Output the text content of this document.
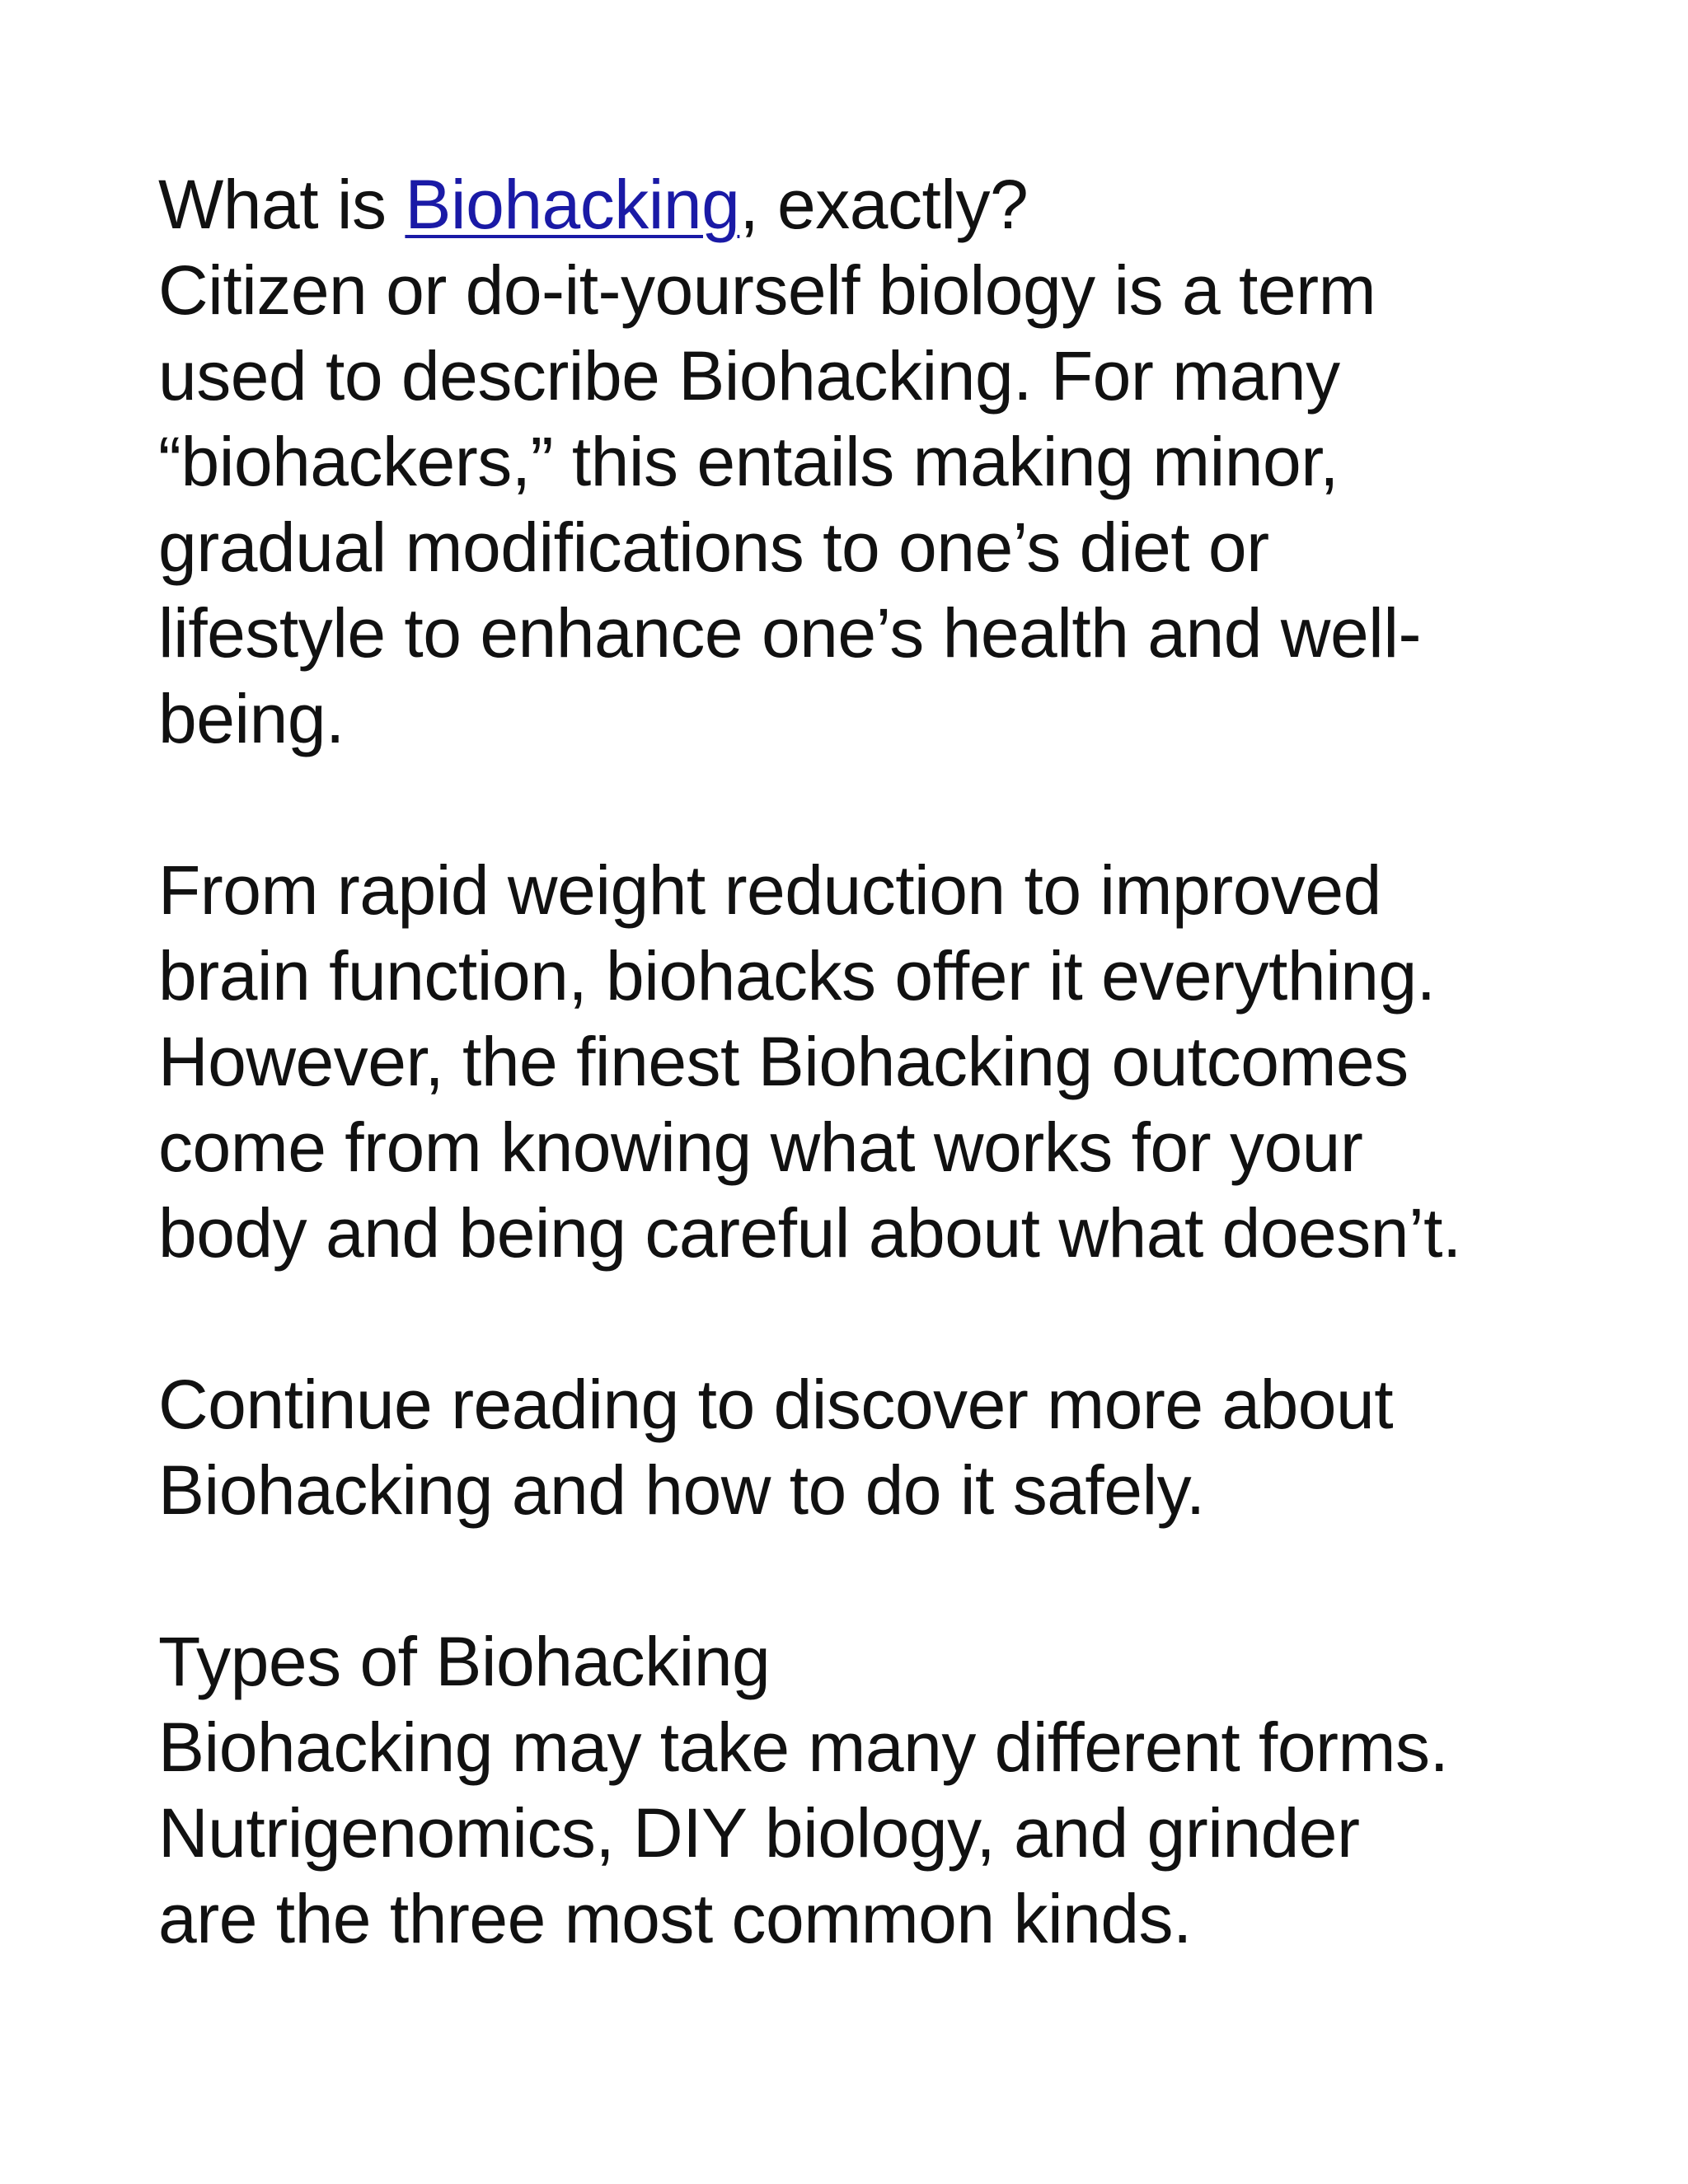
What is Biohacking, exactly?
Citizen or do-it-yourself biology is a term
used to describe Biohacking. For many
“biohackers,” this entails making minor,
gradual modifications to one’s diet or
lifestyle to enhance one’s health and well-
being.
From rapid weight reduction to improved
brain function, biohacks offer it everything.
However, the finest Biohacking outcomes
come from knowing what works for your
body and being careful about what doesn’t.
Continue reading to discover more about
Biohacking and how to do it safely.
Types of Biohacking
Biohacking may take many different forms.
Nutrigenomics, DIY biology, and grinder
are the three most common kinds.
